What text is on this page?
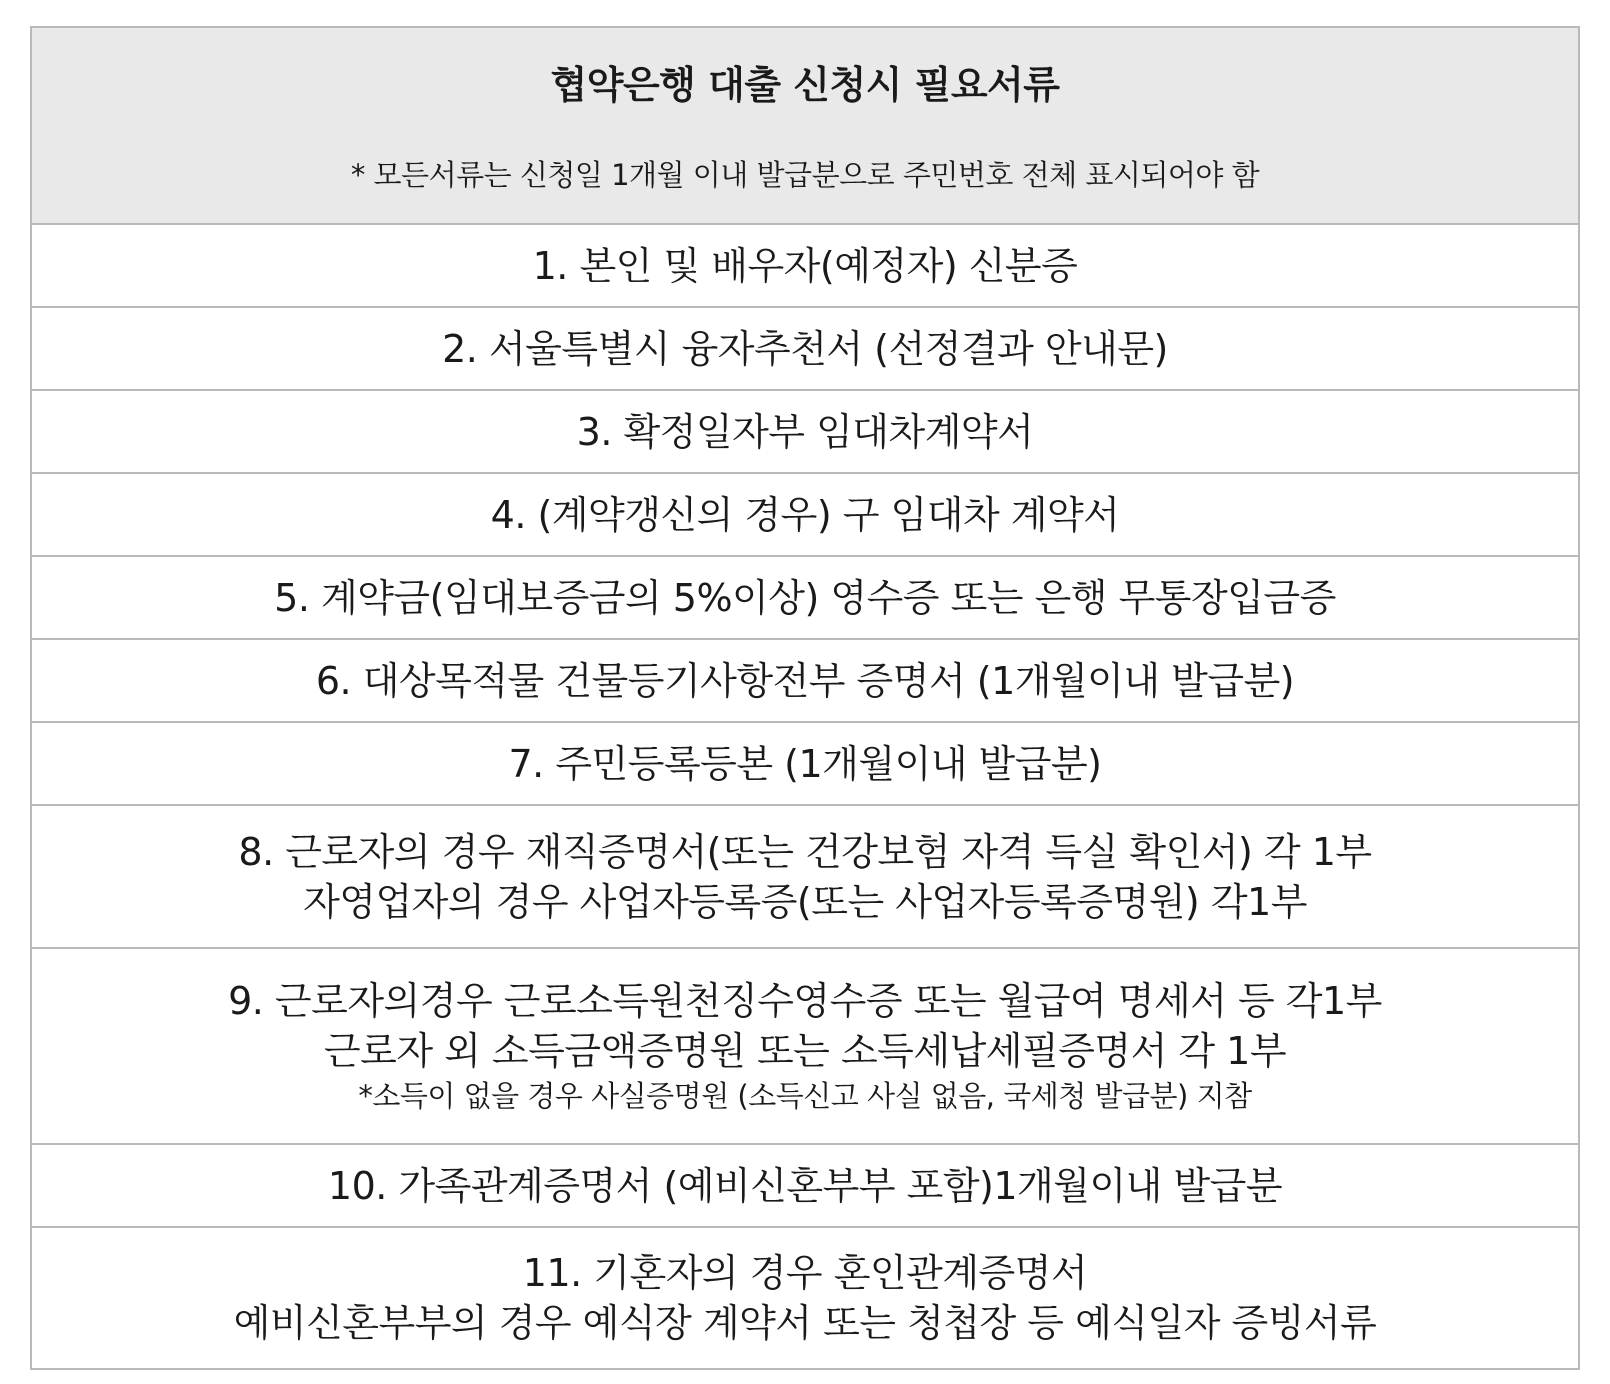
협약은행 대출 신청시 필요서류
* 모든서류는 신청일 1개월 이내 발급분으로 주민번호 전체 표시되어야 함
1. 본인 및 배우자(예정자) 신분증
2. 서울특별시 융자추천서 (선정결과 안내문)
3. 확정일자부 임대차계약서
4. (계약갱신의 경우) 구 임대차 계약서
5. 계약금(임대보증금의 5%이상) 영수증 또는 은행 무통장입금증
6. 대상목적물 건물등기사항전부 증명서 (1개월이내 발급분)
7. 주민등록등본 (1개월이내 발급분)
8. 근로자의 경우 재직증명서(또는 건강보험 자격 득실 확인서) 각 1부
자영업자의 경우 사업자등록증(또는 사업자등록증명원) 각1부
9. 근로자의경우 근로소득원천징수영수증 또는 월급여 명세서 등 각1부
근로자 외 소득금액증명원 또는 소득세납세필증명서 각 1부
*소득이 없을 경우 사실증명원 (소득신고 사실 없음, 국세청 발급분) 지참
10. 가족관계증명서 (예비신혼부부 포함)1개월이내 발급분
11. 기혼자의 경우 혼인관계증명서
예비신혼부부의 경우 예식장 계약서 또는 청첩장 등 예식일자 증빙서류
